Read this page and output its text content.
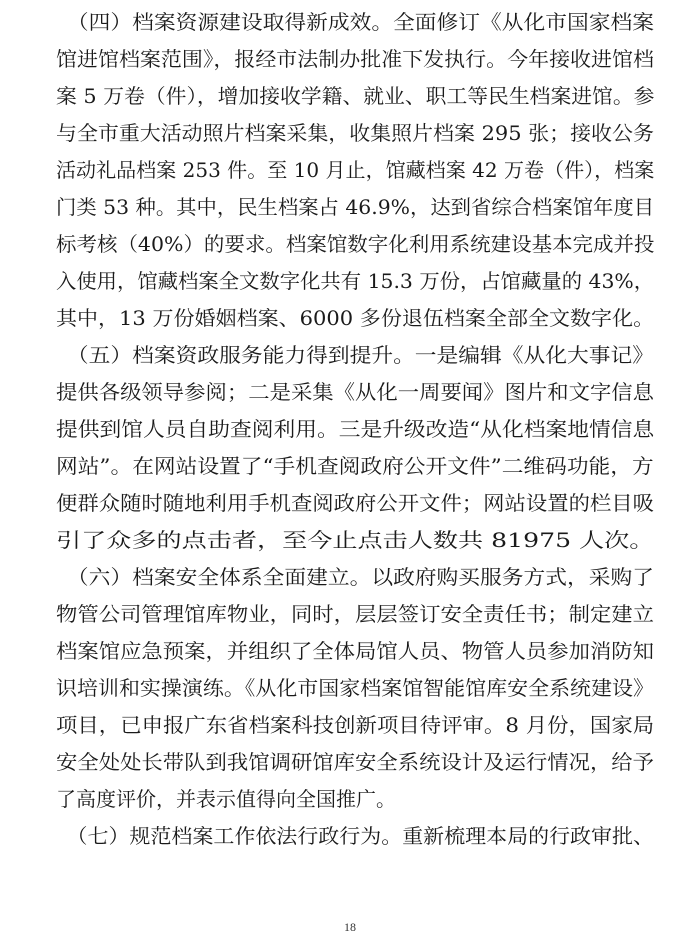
　（四）档案资源建设取得新成效。全面修订《从化市国家档案
馆进馆档案范围》，报经市法制办批准下发执行。今年接收进馆档
案 5 万卷（件），增加接收学籍、就业、职工等民生档案进馆。参
与全市重大活动照片档案采集，收集照片档案 295 张；接收公务
活动礼品档案 253 件。至 10 月止，馆藏档案 42 万卷（件），档案
门类 53 种。其中，民生档案占 46.9%，达到省综合档案馆年度目
标考核（40%）的要求。档案馆数字化利用系统建设基本完成并投
入使用，馆藏档案全文数字化共有 15.3 万份，占馆藏量的 43%，
其中，13 万份婚姻档案、6000 多份退伍档案全部全文数字化。
　（五）档案资政服务能力得到提升。一是编辑《从化大事记》
提供各级领导参阅；二是采集《从化一周要闻》图片和文字信息
提供到馆人员自助查阅利用。三是升级改造“从化档案地情信息
网站”。在网站设置了“手机查阅政府公开文件”二维码功能，方
便群众随时随地利用手机查阅政府公开文件；网站设置的栏目吸
引了众多的点击者，至今止点击人数共 81975 人次。
　（六）档案安全体系全面建立。以政府购买服务方式，采购了
物管公司管理馆库物业，同时，层层签订安全责任书；制定建立
档案馆应急预案，并组织了全体局馆人员、物管人员参加消防知
识培训和实操演练。《从化市国家档案馆智能馆库安全系统建设》
项目，已申报广东省档案科技创新项目待评审。8 月份，国家局
安全处处长带队到我馆调研馆库安全系统设计及运行情况，给予
了高度评价，并表示值得向全国推广。
　（七）规范档案工作依法行政行为。重新梳理本局的行政审批、
18
